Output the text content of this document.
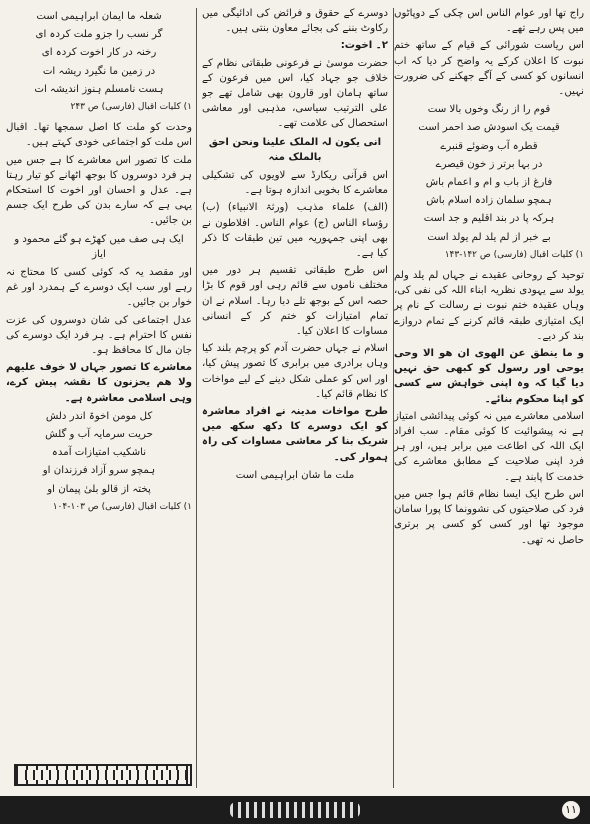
راج تھا اور عوام الناس اس چکی کے دوپاٹوں میں پس رہے تھے۔

اس ریاست شورائی کے قیام کے ساتھ ختم نبوت کا اعلان کرکے یہ واضح کر دیا کہ اب انسانوں کو کسی کے آگے جھکنے کی ضرورت نہیں۔

قوم را از رنگ وخوں بالا ست

قیمت یک اسودش صد احمر است

قطرہ آب وضوئے قنبرے

در بہا برتر ز خون قیصرے

فارغ از باب و ام و اعمام باش

ہمچو سلمان زادہ اسلام باش

ہرکہ پا در بند اقلیم و جد است

بے خبر از لم یلد لم یولد است

۱) کلیات اقبال (فارسی) ص ۱۴۲-۱۴۳

توحید کے روحانی عقیدے نے جہاں لم یلد ولم یولد سے یہودی نظریہ ابناء اللہ کی نفی کی، وہاں عقیدہ ختم نبوت نے رسالت کے نام پر ایک امتیازی طبقہ قائم کرنے کے تمام دروازے بند کر دیے۔

و ما ینطق عن الھوی ان ھو الا وحی یوحی اور رسول کو کبھی حق نہیں دیا گیا کہ وہ اپنی خواہش سے کسی کو اپنا محکوم بنائے۔

اسلامی معاشرے میں نہ کوئی پیدائشی امتیاز ہے نہ پیشوائیت کا کوئی مقام۔ سب افراد ایک اللہ کی اطاعت میں برابر ہیں، اور ہر فرد اپنی صلاحیت کے مطابق معاشرے کی خدمت کا پابند ہے۔

اس طرح ایک ایسا نظام قائم ہوا جس میں فرد کی صلاحیتوں کی نشوونما کا پورا سامان موجود تھا اور کسی کو کسی پر برتری حاصل نہ تھی۔

دوسرے کے حقوق و فرائض کی ادائیگی میں رکاوٹ بننے کی بجائے معاون بنتی ہیں۔

۲۔ اخوت:

حضرت موسیٰ نے فرعونی طبقاتی نظام کے خلاف جو جہاد کیا، اس میں فرعون کے ساتھ ہامان اور قارون بھی شامل تھے جو علی الترتیب سیاسی، مذہبی اور معاشی استحصال کی علامت تھے۔

انی یکون لہ الملک علینا ونحن احق بالملک منہ

اس قرآنی ریکارڈ سے لاویوں کی تشکیلی معاشرے کا بخوبی اندازہ ہوتا ہے۔

(الف) علماء مذہب (ورثۃ الانبیاء) (ب) رؤساء الناس (ج) عوام الناس۔ افلاطون نے بھی اپنی جمہوریہ میں تین طبقات کا ذکر کیا ہے۔

اس طرح طبقاتی تقسیم ہر دور میں مختلف ناموں سے قائم رہی اور قوم کا بڑا حصہ اس کے بوجھ تلے دبا رہا۔ اسلام نے ان تمام امتیازات کو ختم کر کے انسانی مساوات کا اعلان کیا۔

اسلام نے جہاں حضرت آدم کو پرچم بلند کیا وہاں برادری میں برابری کا تصور پیش کیا، اور اس کو عملی شکل دینے کے لیے مواخات کا نظام قائم کیا۔

طرح مواخات مدینہ نے افراد معاشرہ کو ایک دوسرے کا دکھ سکھ میں شریک بنا کر معاشی مساوات کی راہ ہموار کی۔

ملت ما شان ابراہیمی است

شعلہ ما ایمان ابراہیمی است

گر نسب را جزو ملت کردہ ای

رخنہ در کار اخوت کردہ ای

در زمین ما نگیرد ریشہ ات

ہست نامسلم ہنوز اندیشہ ات

۱) کلیات اقبال (فارسی) ص ۲۴۳

وحدت کو ملت کا اصل سمجھا تھا۔ اقبال اس ملت کو اجتماعی خودی کہتے ہیں۔

ملت کا تصور اس معاشرے کا ہے جس میں ہر فرد دوسروں کا بوجھ اٹھانے کو تیار رہتا ہے۔ عدل و احسان اور اخوت کا استحکام یہی ہے کہ سارے بدن کی طرح ایک جسم بن جائیں۔

ایک ہی صف میں کھڑے ہو گئے محمود و ایاز

اور مقصد یہ کہ کوئی کسی کا محتاج نہ رہے اور سب ایک دوسرے کے ہمدرد اور غم خوار بن جائیں۔

عدل اجتماعی کی شان دوسروں کی عزت نفس کا احترام ہے۔ ہر فرد ایک دوسرے کی جان مال کا محافظ ہو۔

معاشرے کا تصور جہاں لا خوف علیھم ولا ھم یحزنون کا نقشہ پیش کرے، وہی اسلامی معاشرہ ہے۔

کل مومن اخوۃ اندر دلش

حریت سرمایہ آب و گلش

ناشکیب امتیازات آمدہ

ہمچو سرو آزاد فرزندان او

پختہ از قالو بلیٰ پیمان او

۱) کلیات اقبال (فارسی) ص ۱۰۳-۱۰۴

۱۱
